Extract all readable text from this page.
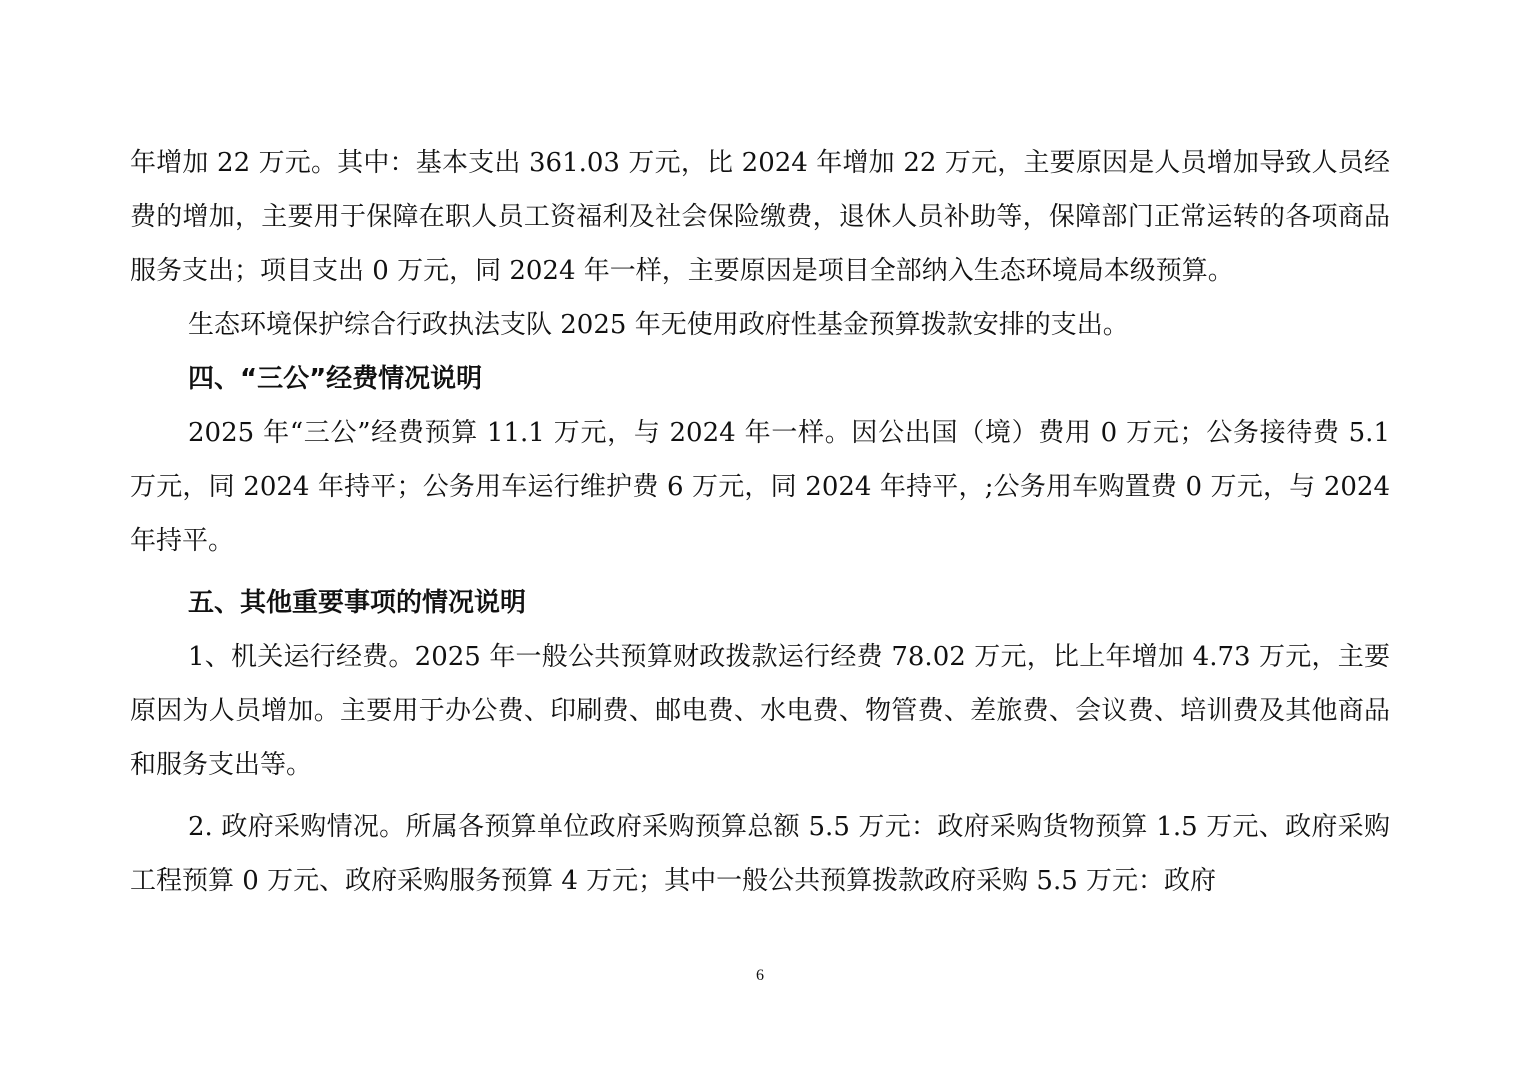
年增加 22 万元。其中：基本支出 361.03 万元，比 2024 年增加 22 万元，主要原因是人员增加导致人员经费的增加，主要用于保障在职人员工资福利及社会保险缴费，退休人员补助等，保障部门正常运转的各项商品服务支出；项目支出 0 万元，同 2024 年一样，主要原因是项目全部纳入生态环境局本级预算。

生态环境保护综合行政执法支队 2025 年无使用政府性基金预算拨款安排的支出。

四、“三公”经费情况说明

2025 年“三公”经费预算 11.1 万元，与 2024 年一样。因公出国（境）费用 0 万元；公务接待费 5.1 万元，同 2024 年持平；公务用车运行维护费 6 万元，同 2024 年持平，;公务用车购置费 0 万元，与 2024 年持平。

五、其他重要事项的情况说明

1、机关运行经费。2025 年一般公共预算财政拨款运行经费 78.02 万元，比上年增加 4.73 万元，主要原因为人员增加。主要用于办公费、印刷费、邮电费、水电费、物管费、差旅费、会议费、培训费及其他商品和服务支出等。

2. 政府采购情况。所属各预算单位政府采购预算总额 5.5 万元：政府采购货物预算 1.5 万元、政府采购工程预算 0 万元、政府采购服务预算 4 万元；其中一般公共预算拨款政府采购 5.5 万元：政府

6
